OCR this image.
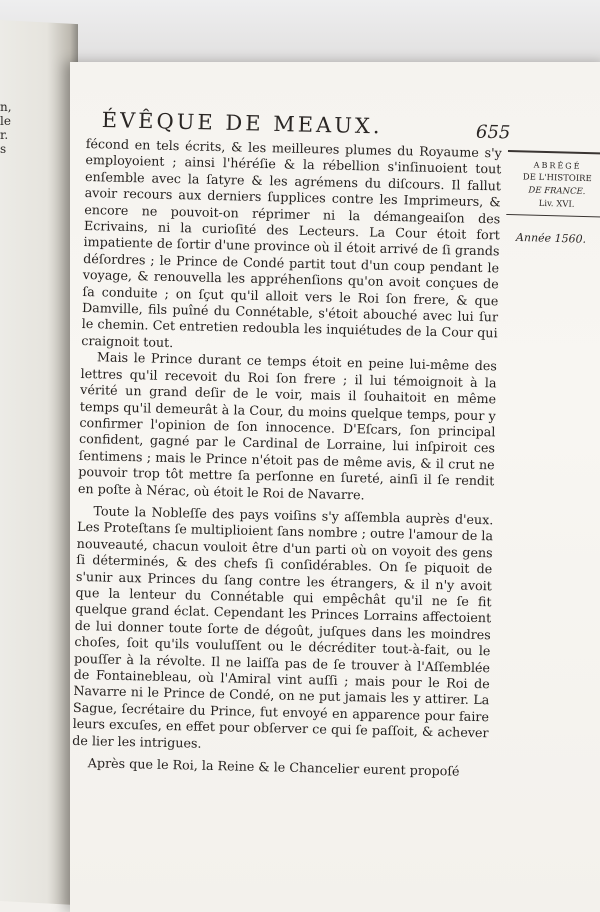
n,
le
r.
s
ÉVÊQUE DE MEAUX.	655

fécond en tels écrits, & les meilleures plumes du Royaume s'y employoient ; ainsi l'héréſie & la rébellion s'inſinuoient tout enſemble avec la ſatyre & les agrémens du diſcours. Il fallut avoir recours aux derniers ſupplices contre les Imprimeurs, & encore ne pouvoit-on réprimer ni la démangeaiſon des Ecrivains, ni la curioſité des Lecteurs. La Cour étoit fort impatiente de ſortir d'une province où il étoit arrivé de ſi grands déſordres ; le Prince de Condé partit tout d'un coup pendant le voyage, & renouvella les appréhenſions qu'on avoit conçues de ſa conduite ; on ſçut qu'il alloit vers le Roi ſon frere, & que Damville, fils puîné du Connétable, s'étoit abouché avec lui ſur le chemin. Cet entretien redoubla les inquiétudes de la Cour qui craignoit tout.

Mais le Prince durant ce temps étoit en peine lui-même des lettres qu'il recevoit du Roi ſon frere ; il lui témoignoit à la vérité un grand deſir de le voir, mais il ſouhaitoit en même temps qu'il demeurât à la Cour, du moins quelque temps, pour y confirmer l'opinion de ſon innocence. D'Eſcars, ſon principal confident, gagné par le Cardinal de Lorraine, lui inſpiroit ces ſentimens ; mais le Prince n'étoit pas de même avis, & il crut ne pouvoir trop tôt mettre ſa perſonne en ſureté, ainſi il ſe rendit en poſte à Nérac, où étoit le Roi de Navarre.

Toute la Nobleſſe des pays voiſins s'y aſſembla auprès d'eux. Les Proteſtans ſe multiplioient ſans nombre ; outre l'amour de la nouveauté, chacun vouloit être d'un parti où on voyoit des gens ſi déterminés, & des chefs ſi conſidérables. On ſe piquoit de s'unir aux Princes du ſang contre les étrangers, & il n'y avoit que la lenteur du Connétable qui empêchât qu'il ne ſe fit quelque grand éclat. Cependant les Princes Lorrains affectoient de lui donner toute ſorte de dégoût, juſques dans les moindres choſes, ſoit qu'ils vouluſſent ou le décréditer tout-à-fait, ou le pouſſer à la révolte. Il ne laiſſa pas de ſe trouver à l'Aſſemblée de Fontainebleau, où l'Amiral vint auſſi ; mais pour le Roi de Navarre ni le Prince de Condé, on ne put jamais les y attirer. La Sague, ſecrétaire du Prince, fut envoyé en apparence pour faire leurs excuſes, en effet pour obſerver ce qui ſe paſſoit, & achever de lier les intrigues.

Après que le Roi, la Reine & le Chancelier eurent propoſé

ABRÉGÉ
DE L'HISTOIRE
DE FRANCE.
Liv. XVI.
Année 1560.
